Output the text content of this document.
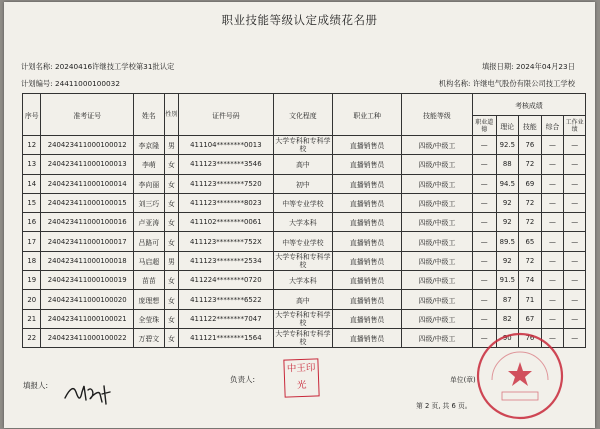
职业技能等级认定成绩花名册
计划名称: 20240416许继技工学校第31批认定	填报日期: 2024年04月23日
计划编号: 24411000100032	机构名称: 许继电气股份有限公司技工学校
序号	准考证号	姓名	性别	证件号码	文化程度	职业工种	技能等级	考核成绩				
								职业道德	理论	技能	综合	工作业绩
12	240423411000100012	李京隆	男	411104********0013	大学专科和专科学校	直播销售员	四级/中级工	—	92.5	76	—	—
13	240423411000100013	李萌	女	411123********3546	高中	直播销售员	四级/中级工	—	88	72	—	—
14	240423411000100014	李向丽	女	411123********7520	初中	直播销售员	四级/中级工	—	94.5	69	—	—
15	240423411000100015	刘三巧	女	411123********8023	中等专业学校	直播销售员	四级/中级工	—	92	72	—	—
16	240423411000100016	卢亚涛	女	411102********0061	大学本科	直播销售员	四级/中级工	—	92	72	—	—
17	240423411000100017	吕路可	女	411123********752X	中等专业学校	直播销售员	四级/中级工	—	89.5	65	—	—
18	240423411000100018	马启超	男	411123********2534	大学专科和专科学校	直播销售员	四级/中级工	—	92	72	—	—
19	240423411000100019	苗苗	女	411224********0720	大学本科	直播销售员	四级/中级工	—	91.5	74	—	—
20	240423411000100020	庞理想	女	411123********6522	高中	直播销售员	四级/中级工	—	87	71	—	—
21	240423411000100021	全莹珠	女	411122********7047	大学专科和专科学校	直播销售员	四级/中级工	—	82	67	—	—
22	240423411000100022	万碧文	女	411121********1564	大学专科和专科学校	直播销售员	四级/中级工	—	90	76	—	—
填报人:
负责人:
中王印光	单位(章)
第 2 页, 共 6 页。
